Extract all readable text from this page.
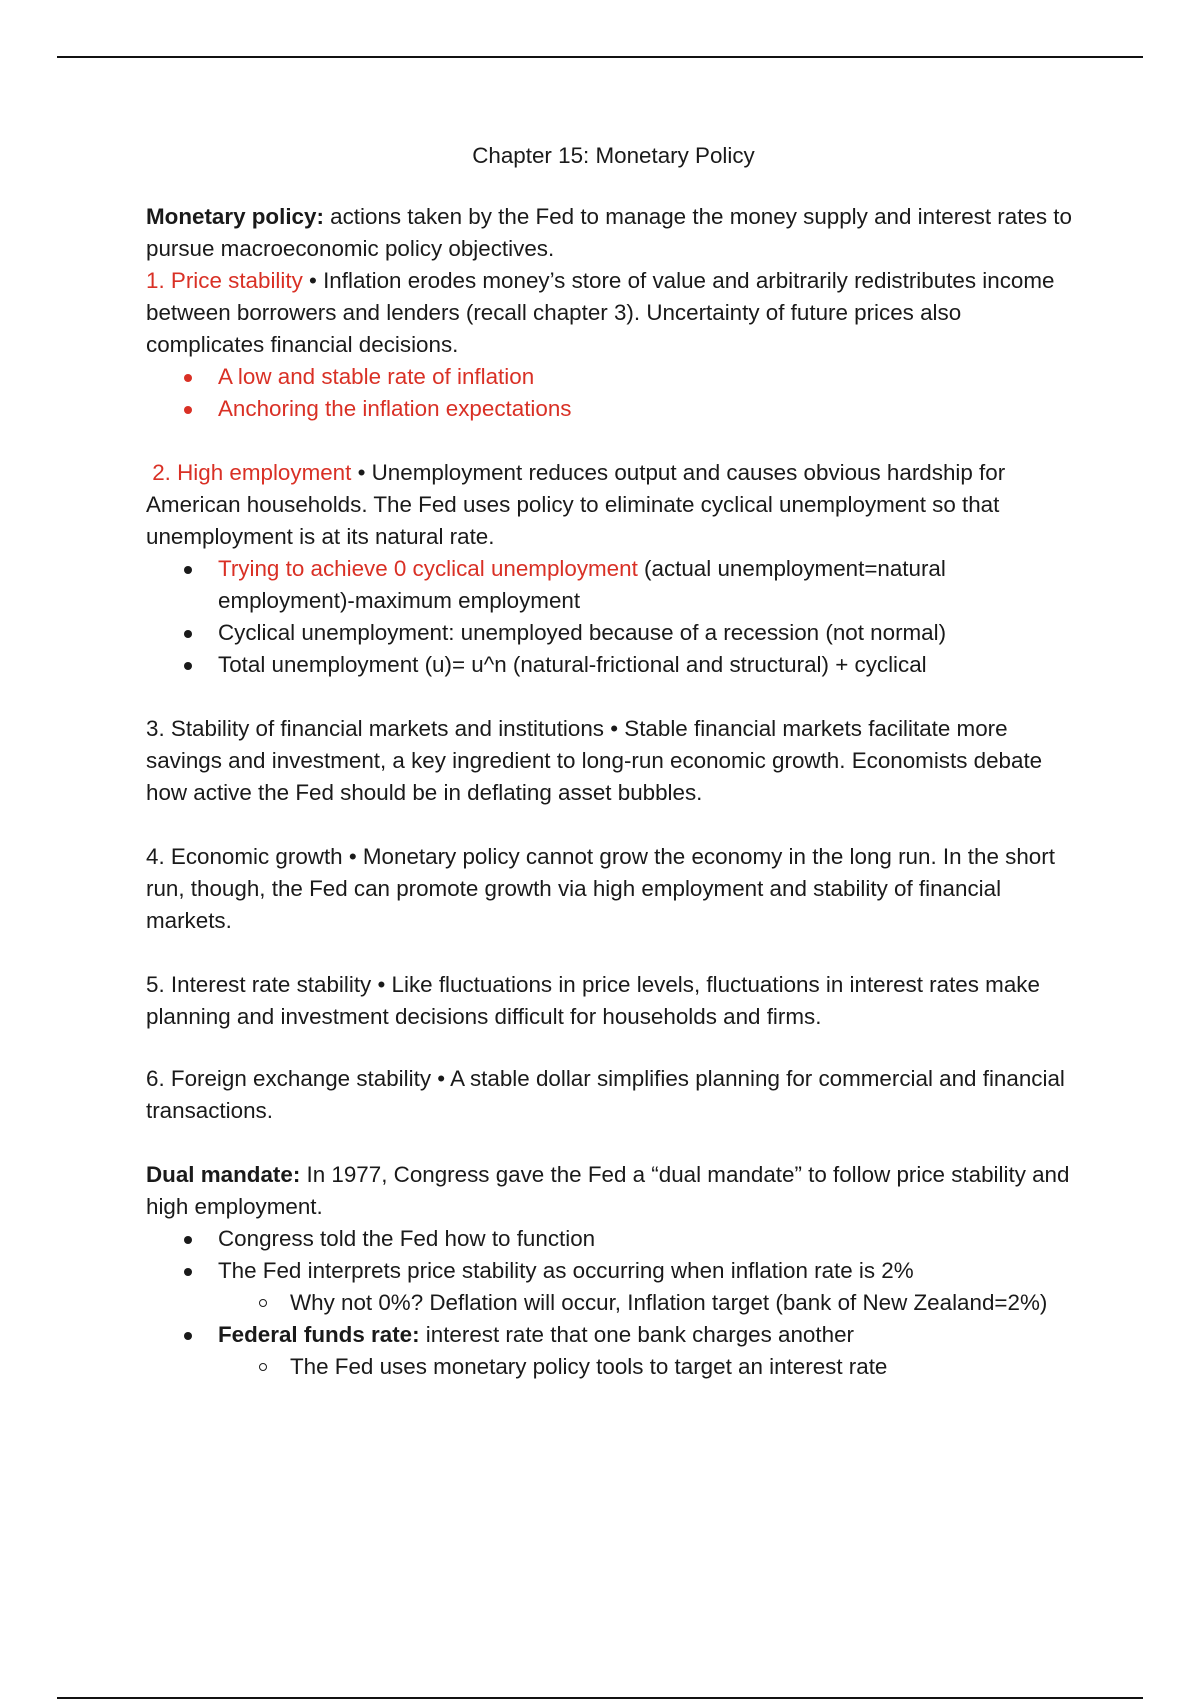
Chapter 15: Monetary Policy

Monetary policy: actions taken by the Fed to manage the money supply and interest rates to pursue macroeconomic policy objectives.

1. Price stability • Inflation erodes money’s store of value and arbitrarily redistributes income between borrowers and lenders (recall chapter 3). Uncertainty of future prices also complicates financial decisions.

A low and stable rate of inflation
Anchoring the inflation expectations

2. High employment • Unemployment reduces output and causes obvious hardship for American households. The Fed uses policy to eliminate cyclical unemployment so that unemployment is at its natural rate.

Trying to achieve 0 cyclical unemployment (actual unemployment=natural employment)-maximum employment
Cyclical unemployment: unemployed because of a recession (not normal)
Total unemployment (u)= u^n (natural-frictional and structural) + cyclical

3. Stability of financial markets and institutions • Stable financial markets facilitate more savings and investment, a key ingredient to long-run economic growth. Economists debate how active the Fed should be in deflating asset bubbles.

4. Economic growth • Monetary policy cannot grow the economy in the long run. In the short run, though, the Fed can promote growth via high employment and stability of financial markets.

5. Interest rate stability • Like fluctuations in price levels, fluctuations in interest rates make planning and investment decisions difficult for households and firms.

6. Foreign exchange stability • A stable dollar simplifies planning for commercial and financial transactions.

Dual mandate: In 1977, Congress gave the Fed a “dual mandate” to follow price stability and high employment.

Congress told the Fed how to function
The Fed interprets price stability as occurring when inflation rate is 2%
Why not 0%? Deflation will occur, Inflation target (bank of New Zealand=2%)
Federal funds rate: interest rate that one bank charges another
The Fed uses monetary policy tools to target an interest rate
